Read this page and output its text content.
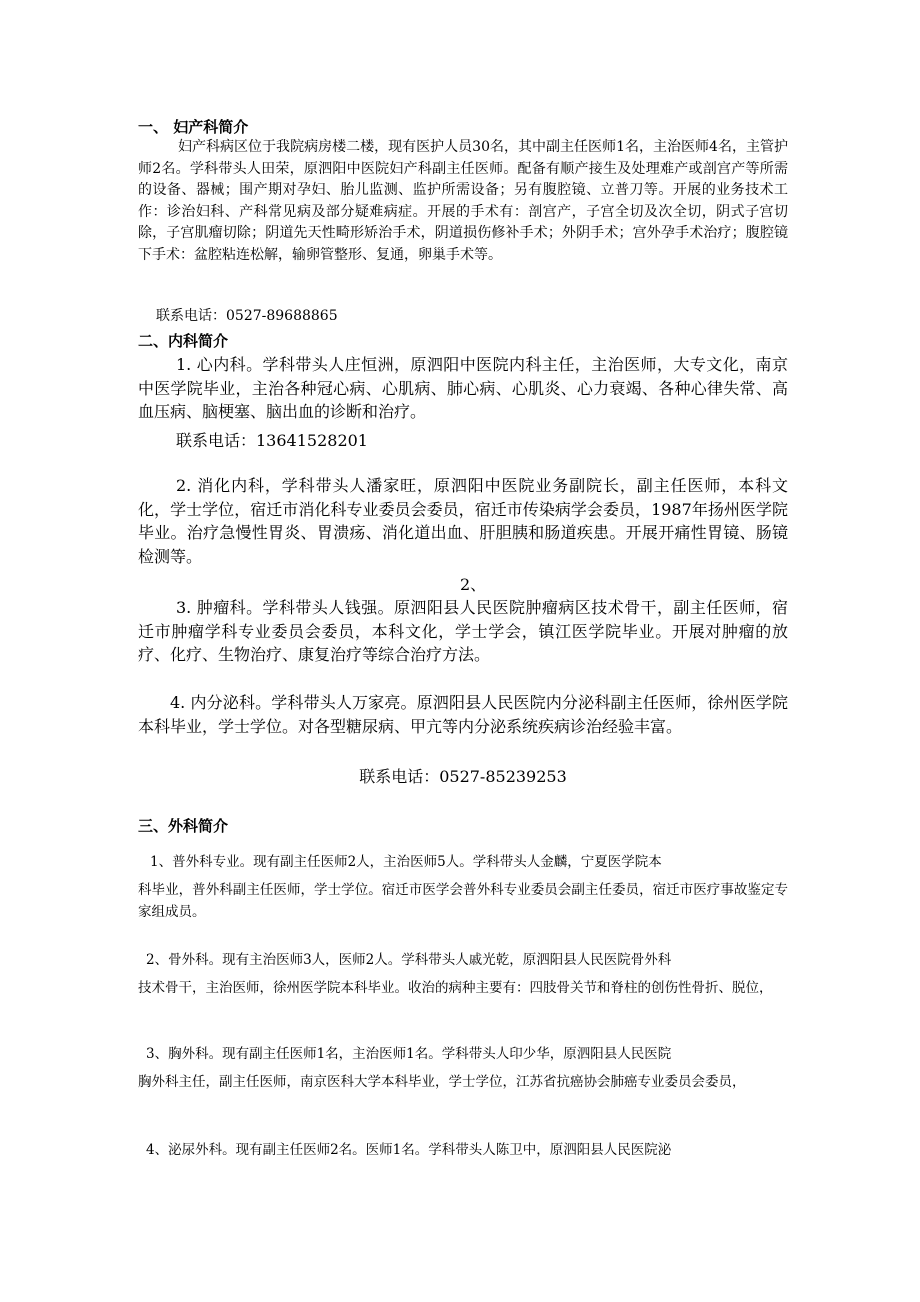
一、 妇产科简介

妇产科病区位于我院病房楼二楼，现有医护人员30名，其中副主任医师1名，主治医师4名，主管护师2名。学科带头人田荣，原泗阳中医院妇产科副主任医师。配备有顺产接生及处理难产或剖宫产等所需的设备、器械；围产期对孕妇、胎儿监测、监护所需设备；另有腹腔镜、立普刀等。开展的业务技术工作：诊治妇科、产科常见病及部分疑难病症。开展的手术有：剖宫产，子宫全切及次全切，阴式子宫切除，子宫肌瘤切除；阴道先天性畸形矫治手术，阴道损伤修补手术；外阴手术；宫外孕手术治疗；腹腔镜下手术：盆腔粘连松解，输卵管整形、复通，卵巢手术等。

联系电话：0527-89688865
二、内科简介

1. 心内科。学科带头人庄恒洲，原泗阳中医院内科主任，主治医师，大专文化，南京中医学院毕业，主治各种冠心病、心肌病、肺心病、心肌炎、心力衰竭、各种心律失常、高血压病、脑梗塞、脑出血的诊断和治疗。

联系电话：13641528201

2. 消化内科，学科带头人潘家旺，原泗阳中医院业务副院长，副主任医师，本科文化，学士学位，宿迁市消化科专业委员会委员，宿迁市传染病学会委员，1987年扬州医学院毕业。治疗急慢性胃炎、胃溃疡、消化道出血、肝胆胰和肠道疾患。开展开痛性胃镜、肠镜检测等。

2、

3. 肿瘤科。学科带头人钱强。原泗阳县人民医院肿瘤病区技术骨干，副主任医师，宿迁市肿瘤学科专业委员会委员，本科文化，学士学会，镇江医学院毕业。开展对肿瘤的放疗、化疗、生物治疗、康复治疗等综合治疗方法。

4. 内分泌科。学科带头人万家亮。原泗阳县人民医院内分泌科副主任医师，徐州医学院本科毕业，学士学位。对各型糖尿病、甲亢等内分泌系统疾病诊治经验丰富。

联系电话：0527-85239253
三、外科简介

1、普外科专业。现有副主任医师2人，主治医师5人。学科带头人金麟，宁夏医学院本

科毕业，普外科副主任医师，学士学位。宿迁市医学会普外科专业委员会副主任委员，宿迁市医疗事故鉴定专家组成员。

2、骨外科。现有主治医师3人，医师2人。学科带头人戚光乾，原泗阳县人民医院骨外科

技术骨干，主治医师，徐州医学院本科毕业。收治的病种主要有：四肢骨关节和脊柱的创伤性骨折、脱位，

3、胸外科。现有副主任医师1名，主治医师1名。学科带头人印少华，原泗阳县人民医院

胸外科主任，副主任医师，南京医科大学本科毕业，学士学位，江苏省抗癌协会肺癌专业委员会委员，

4、泌尿外科。现有副主任医师2名。医师1名。学科带头人陈卫中，原泗阳县人民医院泌
